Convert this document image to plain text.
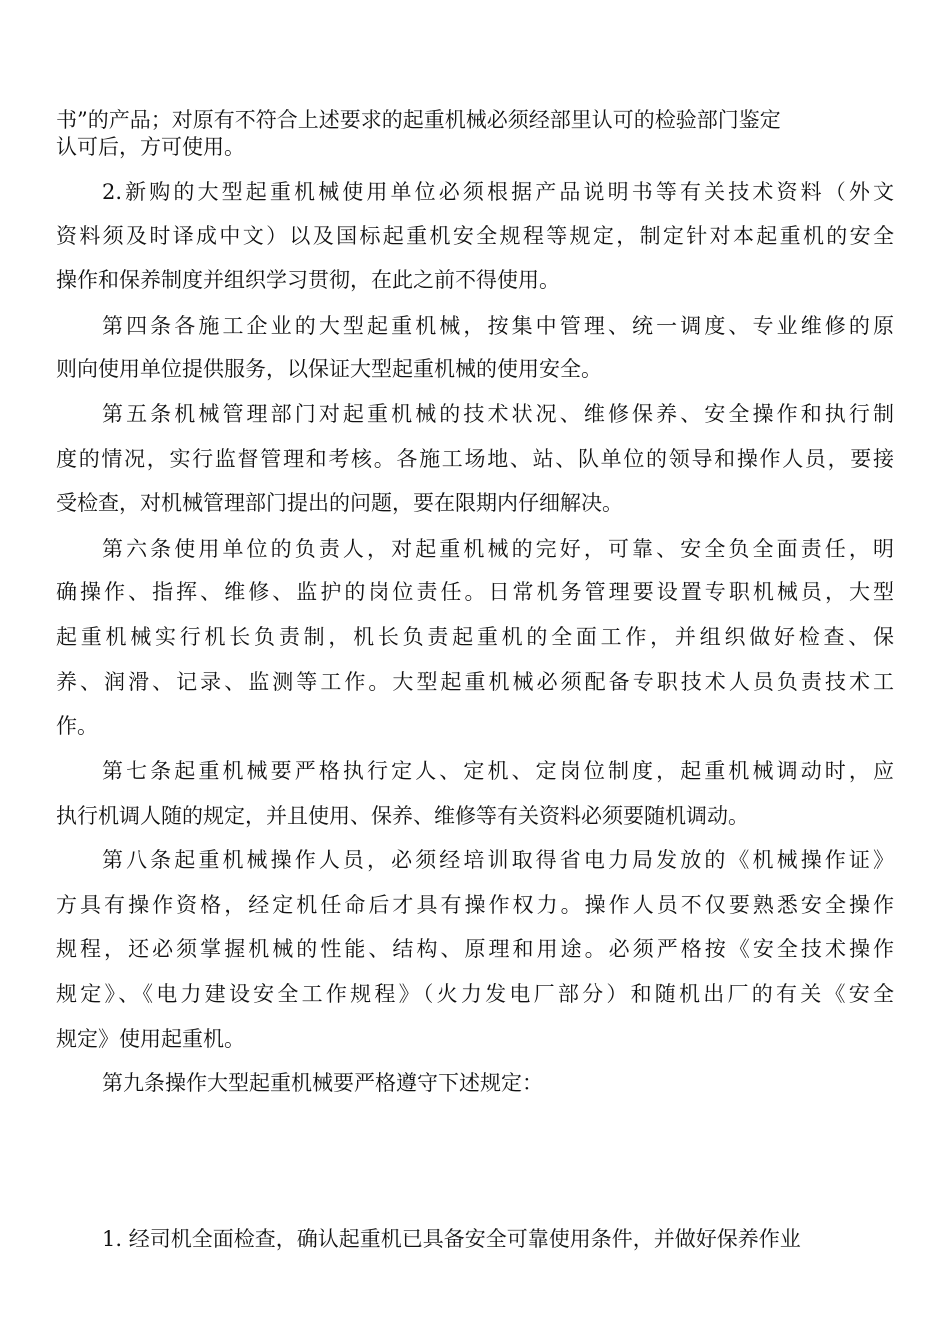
书”的产品；对原有不符合上述要求的起重机械必须经部里认可的检验部门鉴定
认可后，方可使用。
2.新购的大型起重机械使用单位必须根据产品说明书等有关技术资料（外文
资料须及时译成中文）以及国标起重机安全规程等规定，制定针对本起重机的安全
操作和保养制度并组织学习贯彻，在此之前不得使用。
第四条各施工企业的大型起重机械，按集中管理、统一调度、专业维修的原
则向使用单位提供服务，以保证大型起重机械的使用安全。
第五条机械管理部门对起重机械的技术状况、维修保养、安全操作和执行制
度的情况，实行监督管理和考核。各施工场地、站、队单位的领导和操作人员，要接
受检查，对机械管理部门提出的问题，要在限期内仔细解决。
第六条使用单位的负责人，对起重机械的完好，可靠、安全负全面责任，明
确操作、指挥、维修、监护的岗位责任。日常机务管理要设置专职机械员，大型
起重机械实行机长负责制，机长负责起重机的全面工作，并组织做好检查、保
养、润滑、记录、监测等工作。大型起重机械必须配备专职技术人员负责技术工
作。
第七条起重机械要严格执行定人、定机、定岗位制度，起重机械调动时，应
执行机调人随的规定，并且使用、保养、维修等有关资料必须要随机调动。
第八条起重机械操作人员，必须经培训取得省电力局发放的《机械操作证》
方具有操作资格，经定机任命后才具有操作权力。操作人员不仅要熟悉安全操作
规程，还必须掌握机械的性能、结构、原理和用途。必须严格按《安全技术操作
规定》、《电力建设安全工作规程》（火力发电厂部分）和随机出厂的有关《安全
规定》使用起重机。
第九条操作大型起重机械要严格遵守下述规定：
1. 经司机全面检查，确认起重机已具备安全可靠使用条件，并做好保养作业
